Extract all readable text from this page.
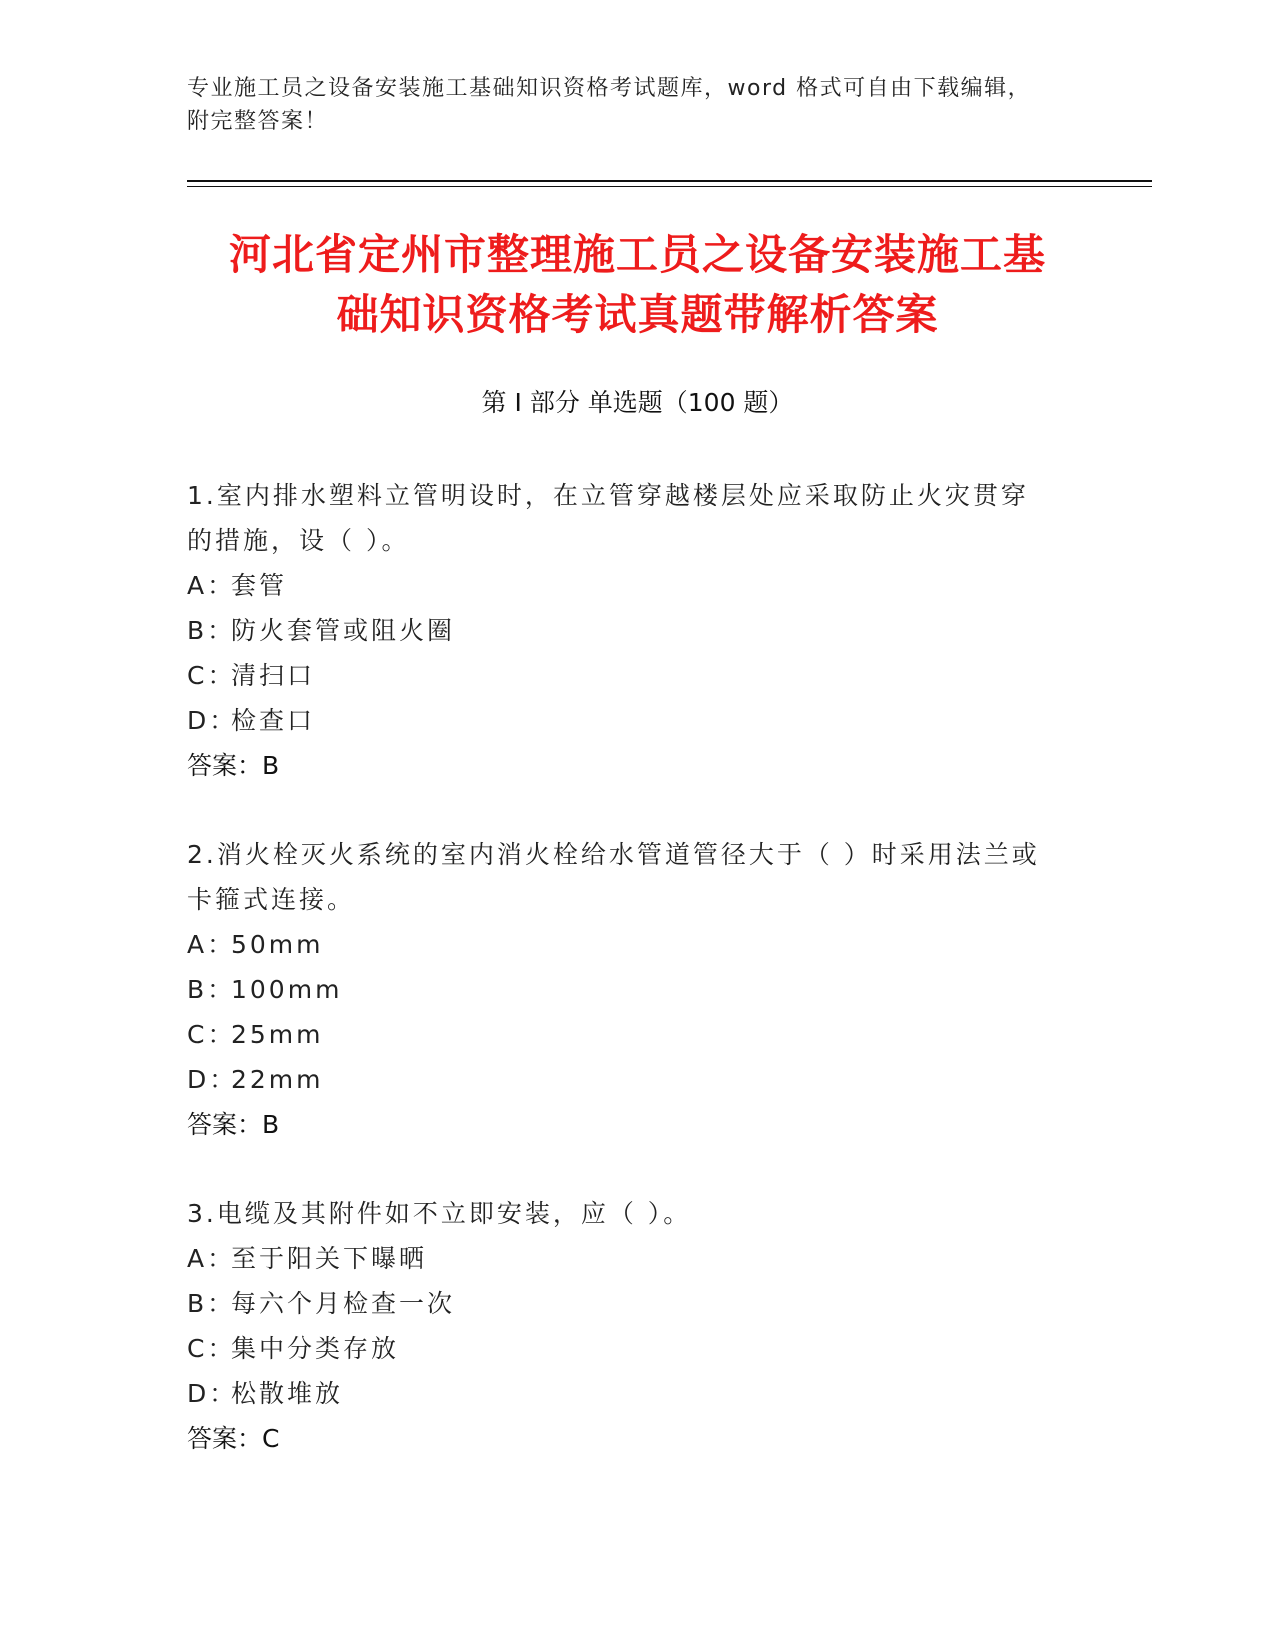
专业施工员之设备安装施工基础知识资格考试题库，word 格式可自由下载编辑，
附完整答案！
河北省定州市整理施工员之设备安装施工基
础知识资格考试真题带解析答案
第 I 部分 单选题（100 题）
1.室内排水塑料立管明设时，在立管穿越楼层处应采取防止火灾贯穿
的措施，设（ ）。
A：
套管
B：
防火套管或阻火圈
C：
清扫口
D：
检查口
答案：B
2.消火栓灭火系统的室内消火栓给水管道管径大于（ ）时采用法兰或
卡箍式连接。
A：
50mm
B：
100mm
C：
25mm
D：
22mm
答案：B
3.电缆及其附件如不立即安装，应（ ）。
A：
至于阳关下曝晒
B：
每六个月检查一次
C：
集中分类存放
D：
松散堆放
答案：C
